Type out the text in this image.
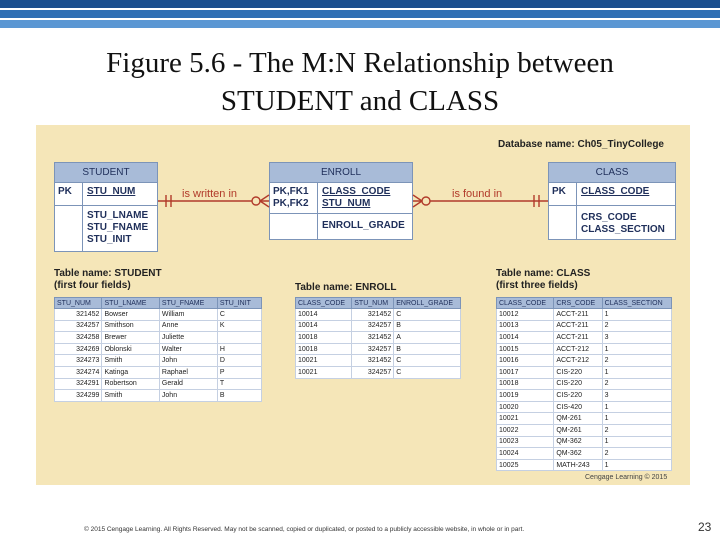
Figure 5.6 - The M:N Relationship between
STUDENT and CLASS
Database name: Ch05_TinyCollege
STUDENT
PK	STU_NUM
STU_LNAME
STU_FNAME
STU_INIT
ENROLL
PK,FK1
PK,FK2
CLASS_CODE
STU_NUM
ENROLL_GRADE
CLASS
PK	CLASS_CODE
CRS_CODE
CLASS_SECTION
is written in	is found in
Table name: STUDENT
(first four fields)	Table name: ENROLL
Table name: CLASS
(first three fields)
STU_NUM	STU_LNAME	STU_FNAME	STU_INIT
321452	Bowser	William	C
324257	Smithson	Anne	K
324258	Brewer	Juliette	
324269	Oblonski	Walter	H
324273	Smith	John	D
324274	Katinga	Raphael	P
324291	Robertson	Gerald	T
324299	Smith	John	B
CLASS_CODE	STU_NUM	ENROLL_GRADE
10014	321452	C
10014	324257	B
10018	321452	A
10018	324257	B
10021	321452	C
10021	324257	C
CLASS_CODE	CRS_CODE	CLASS_SECTION
10012	ACCT-211	1
10013	ACCT-211	2
10014	ACCT-211	3
10015	ACCT-212	1
10016	ACCT-212	2
10017	CIS-220	1
10018	CIS-220	2
10019	CIS-220	3
10020	CIS-420	1
10021	QM-261	1
10022	QM-261	2
10023	QM-362	1
10024	QM-362	2
10025	MATH-243	1
Cengage Learning © 2015
© 2015 Cengage Learning. All Rights Reserved. May not be scanned, copied or duplicated, or posted to a publicly accessible website, in whole or in part.	23
